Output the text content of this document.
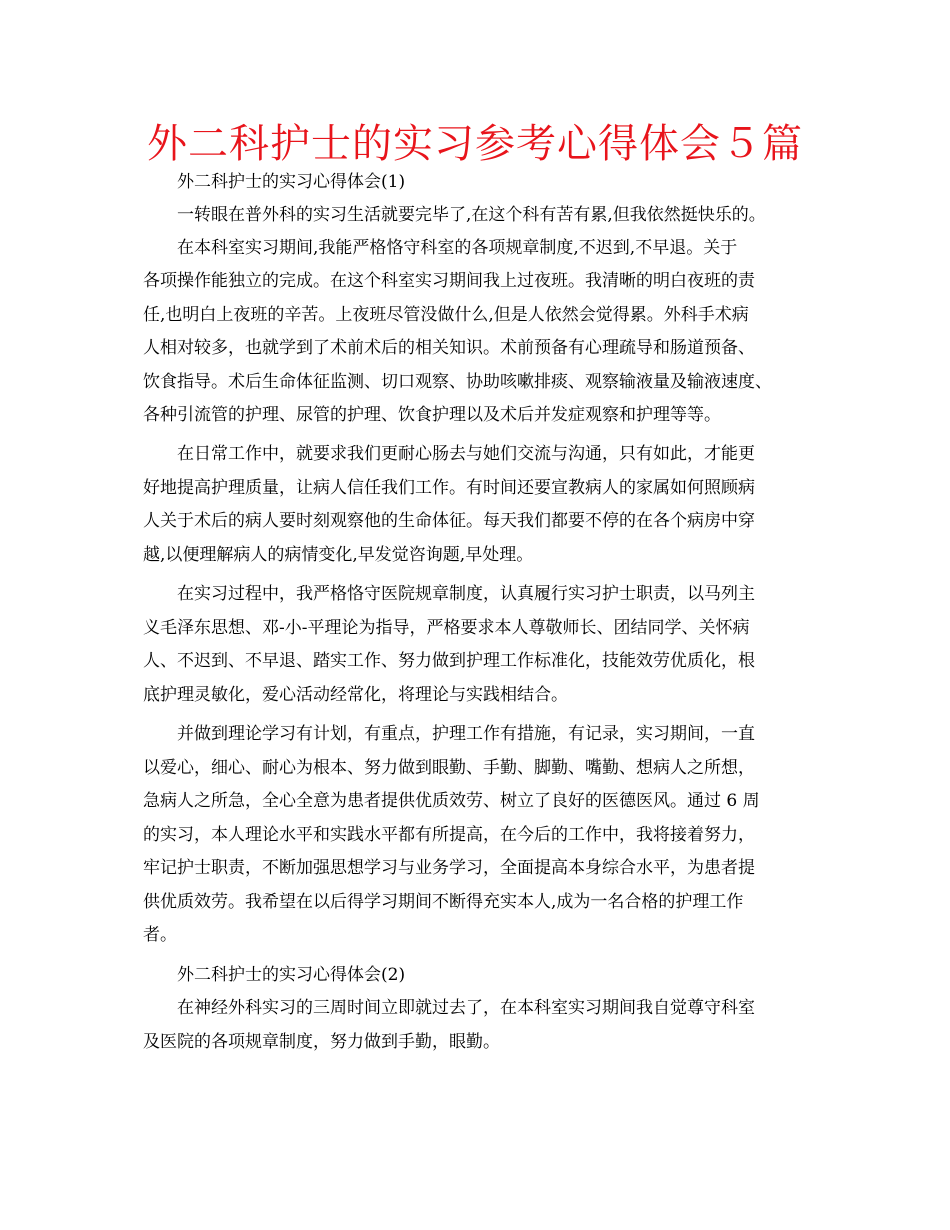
外二科护士的实习参考心得体会５篇
外二科护士的实习心得体会(1)
一转眼在普外科的实习生活就要完毕了,在这个科有苦有累,但我依然挺快乐的。
在本科室实习期间,我能严格恪守科室的各项规章制度,不迟到,不早退。关于
各项操作能独立的完成。在这个科室实习期间我上过夜班。我清晰的明白夜班的责
任,也明白上夜班的辛苦。上夜班尽管没做什么,但是人依然会觉得累。外科手术病
人相对较多，也就学到了术前术后的相关知识。术前预备有心理疏导和肠道预备、
饮食指导。术后生命体征监测、切口观察、协助咳嗽排痰、观察输液量及输液速度、
各种引流管的护理、尿管的护理、饮食护理以及术后并发症观察和护理等等。
在日常工作中，就要求我们更耐心肠去与她们交流与沟通，只有如此，才能更
好地提高护理质量，让病人信任我们工作。有时间还要宣教病人的家属如何照顾病
人关于术后的病人要时刻观察他的生命体征。每天我们都要不停的在各个病房中穿
越,以便理解病人的病情变化,早发觉咨询题,早处理。
在实习过程中，我严格恪守医院规章制度，认真履行实习护士职责，以马列主
义毛泽东思想、邓-小-平理论为指导，严格要求本人尊敬师长、团结同学、关怀病
人、不迟到、不早退、踏实工作、努力做到护理工作标准化，技能效劳优质化，根
底护理灵敏化，爱心活动经常化，将理论与实践相结合。
并做到理论学习有计划，有重点，护理工作有措施，有记录，实习期间，一直
以爱心，细心、耐心为根本、努力做到眼勤、手勤、脚勤、嘴勤、想病人之所想，
急病人之所急，全心全意为患者提供优质效劳、树立了良好的医德医风。通过 6 周
的实习，本人理论水平和实践水平都有所提高，在今后的工作中，我将接着努力，
牢记护士职责，不断加强思想学习与业务学习，全面提高本身综合水平，为患者提
供优质效劳。我希望在以后得学习期间不断得充实本人,成为一名合格的护理工作
者。
外二科护士的实习心得体会(2)
在神经外科实习的三周时间立即就过去了，在本科室实习期间我自觉尊守科室
及医院的各项规章制度，努力做到手勤，眼勤。
